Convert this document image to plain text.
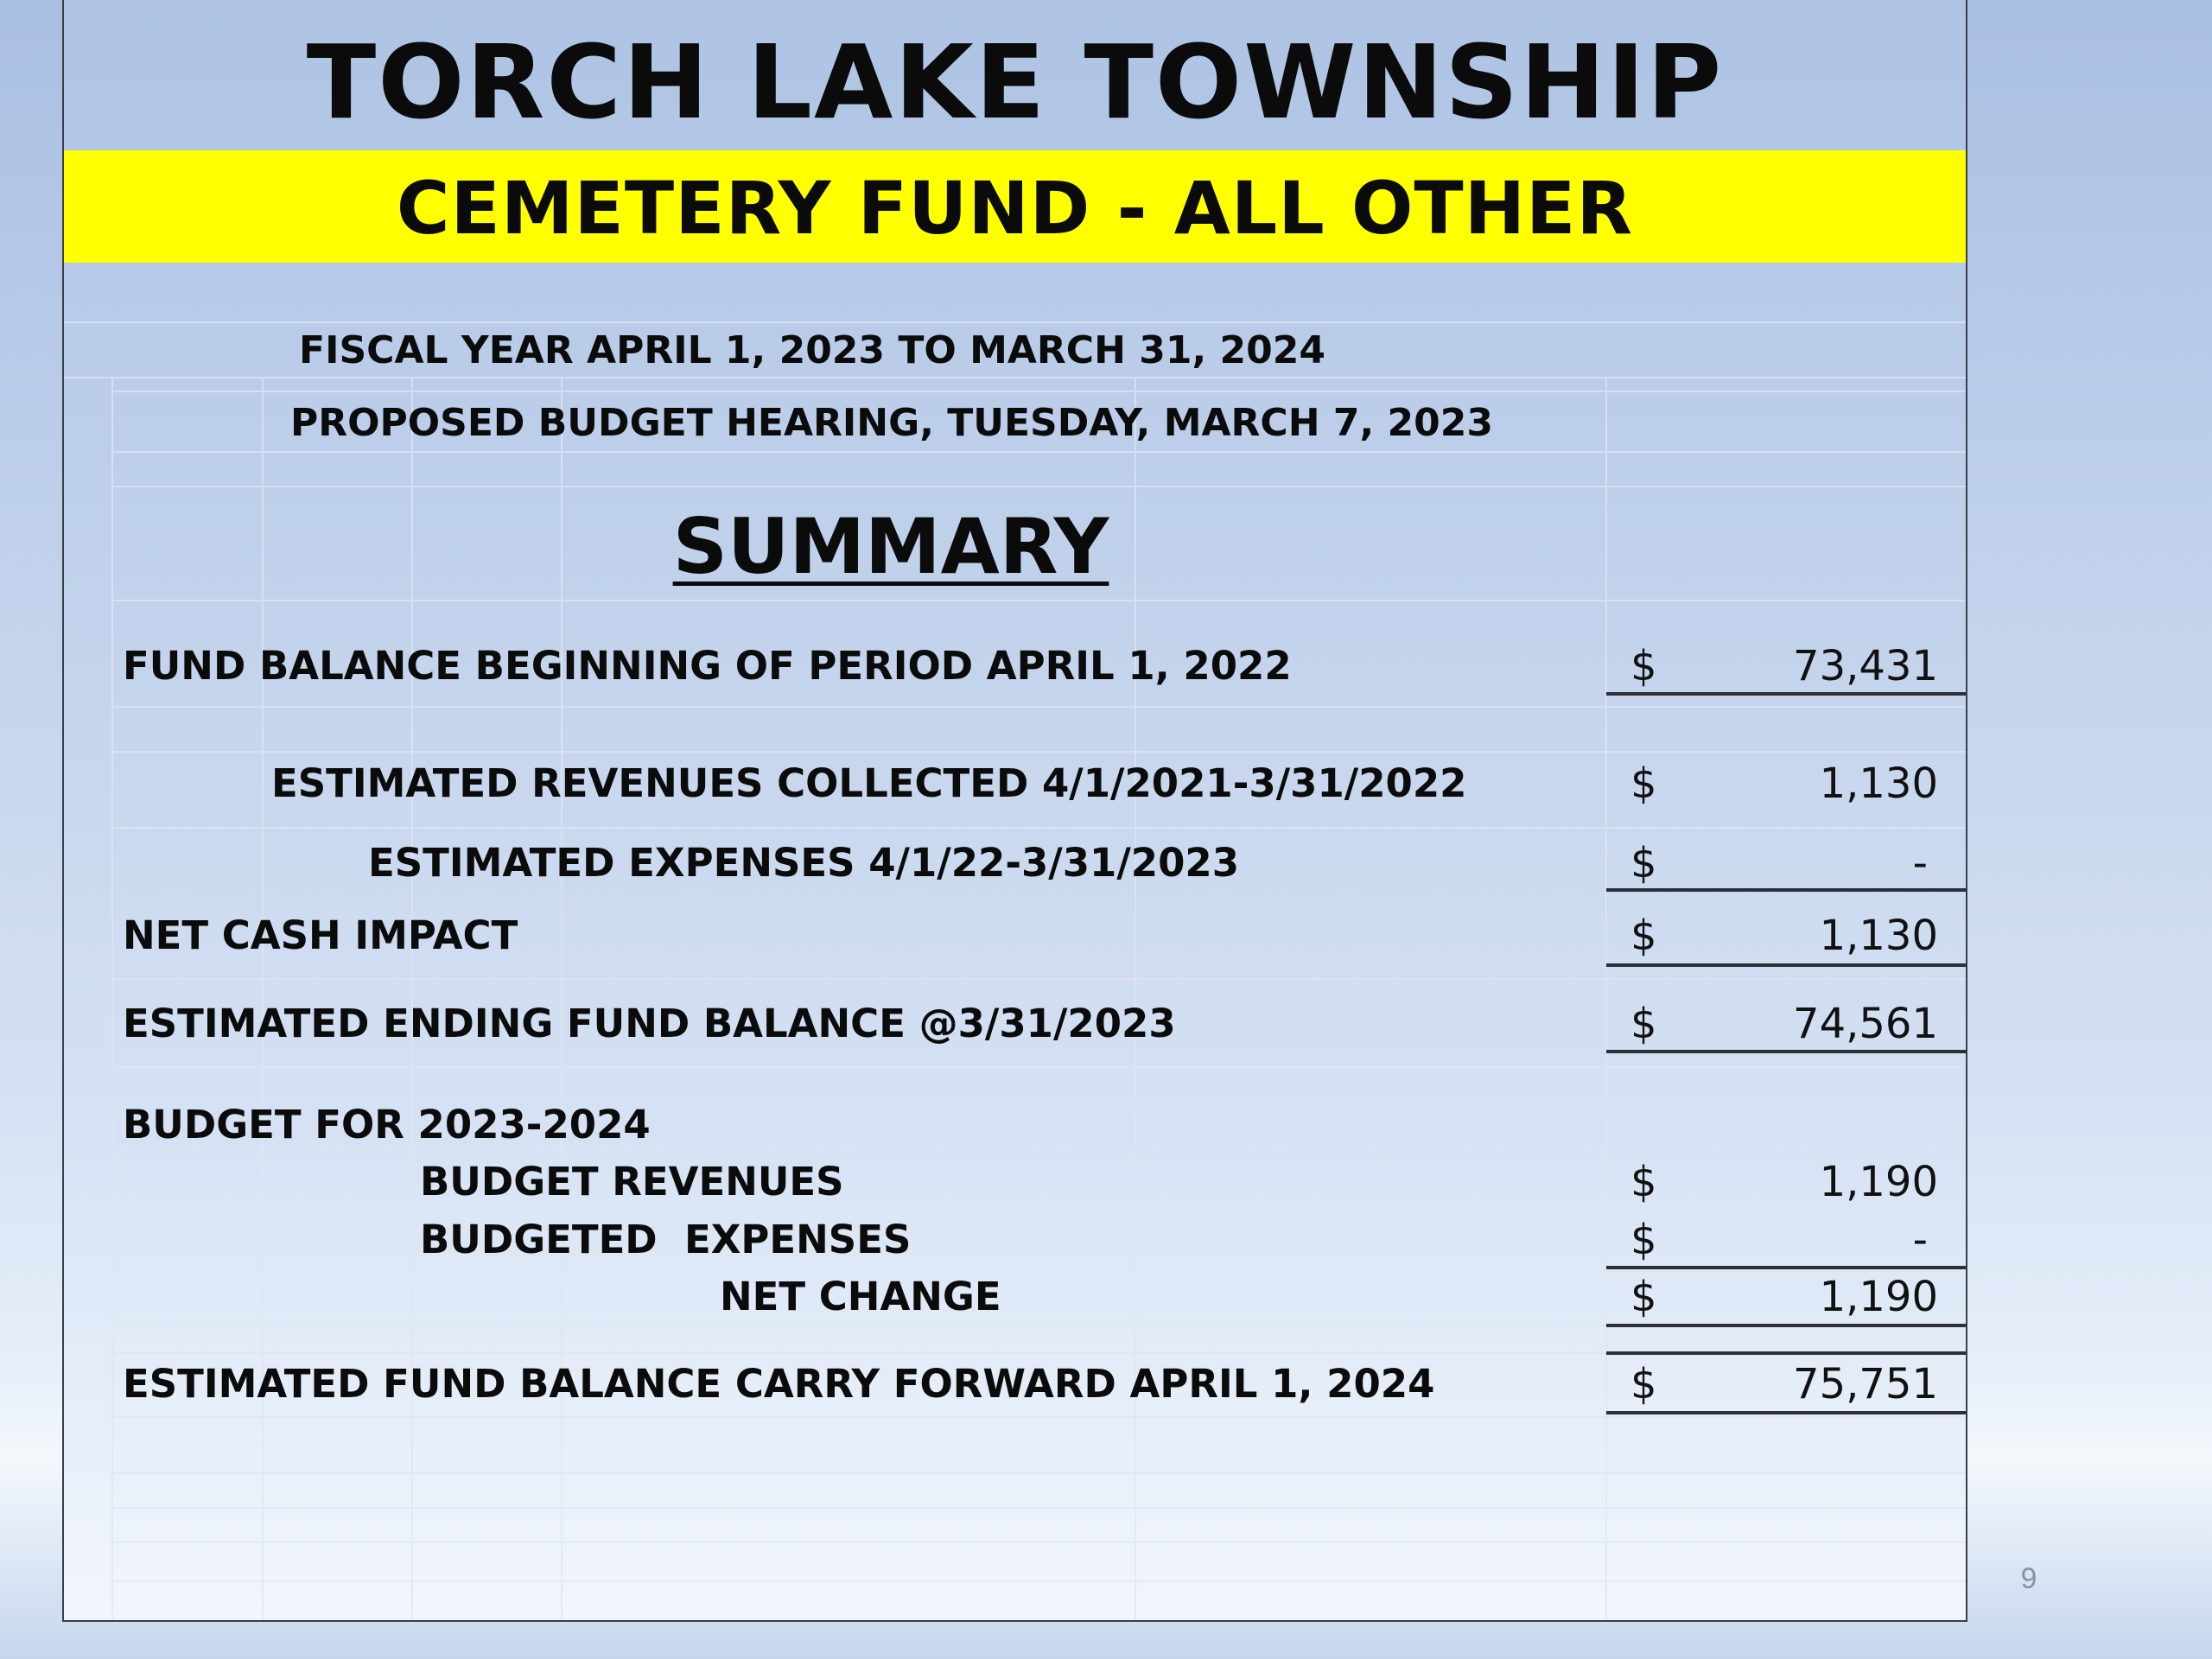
TORCH LAKE TOWNSHIP
CEMETERY FUND - ALL OTHER
FISCAL YEAR APRIL 1, 2023 TO MARCH 31, 2024
PROPOSED BUDGET HEARING, TUESDAY, MARCH 7, 2023
SUMMARY
FUND BALANCE BEGINNING OF PERIOD APRIL 1, 2022	$	73,431
ESTIMATED REVENUES COLLECTED 4/1/2021-3/31/2022	$	1,130
ESTIMATED EXPENSES 4/1/22-3/31/2023	$	-
NET CASH IMPACT	$	1,130
ESTIMATED ENDING FUND BALANCE @3/31/2023	$	74,561
BUDGET FOR 2023-2024
BUDGET REVENUES	$	1,190
BUDGETED  EXPENSES	$	-
NET CHANGE	$	1,190
ESTIMATED FUND BALANCE CARRY FORWARD APRIL 1, 2024	$	75,751
9
